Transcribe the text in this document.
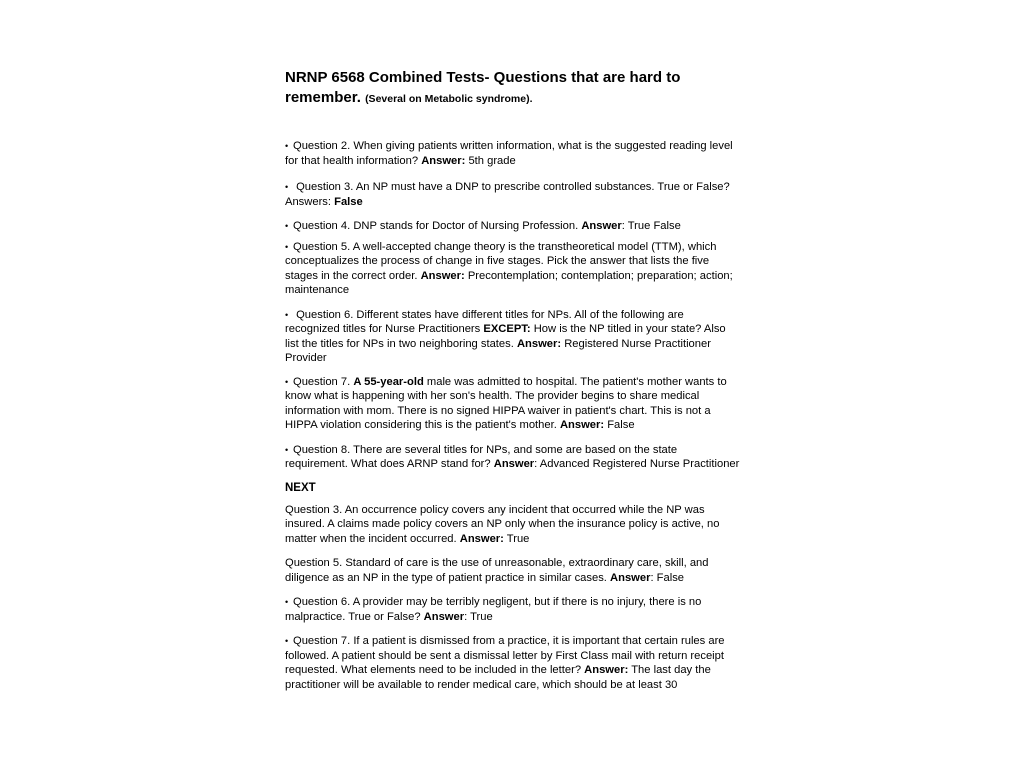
NRNP 6568 Combined Tests- Questions that are hard to remember. (Several on Metabolic syndrome).

• Question 2. When giving patients written information, what is the suggested reading level for that health information? Answer: 5th grade

• Question 3. An NP must have a DNP to prescribe controlled substances. True or False? Answers: False

• Question 4. DNP stands for Doctor of Nursing Profession. Answer: True False

• Question 5. A well-accepted change theory is the transtheoretical model (TTM), which conceptualizes the process of change in five stages. Pick the answer that lists the five stages in the correct order. Answer: Precontemplation; contemplation; preparation; action; maintenance

• Question 6. Different states have different titles for NPs. All of the following are recognized titles for Nurse Practitioners EXCEPT: How is the NP titled in your state? Also list the titles for NPs in two neighboring states. Answer: Registered Nurse Practitioner Provider

• Question 7. A 55-year-old male was admitted to hospital. The patient's mother wants to know what is happening with her son's health. The provider begins to share medical information with mom. There is no signed HIPPA waiver in patient's chart. This is not a HIPPA violation considering this is the patient's mother. Answer: False

• Question 8. There are several titles for NPs, and some are based on the state requirement. What does ARNP stand for? Answer: Advanced Registered Nurse Practitioner

NEXT

Question 3. An occurrence policy covers any incident that occurred while the NP was insured. A claims made policy covers an NP only when the insurance policy is active, no matter when the incident occurred. Answer: True

Question 5. Standard of care is the use of unreasonable, extraordinary care, skill, and diligence as an NP in the type of patient practice in similar cases. Answer: False

• Question 6. A provider may be terribly negligent, but if there is no injury, there is no malpractice. True or False? Answer: True

• Question 7. If a patient is dismissed from a practice, it is important that certain rules are followed. A patient should be sent a dismissal letter by First Class mail with return receipt requested. What elements need to be included in the letter? Answer: The last day the practitioner will be available to render medical care, which should be at least 30
